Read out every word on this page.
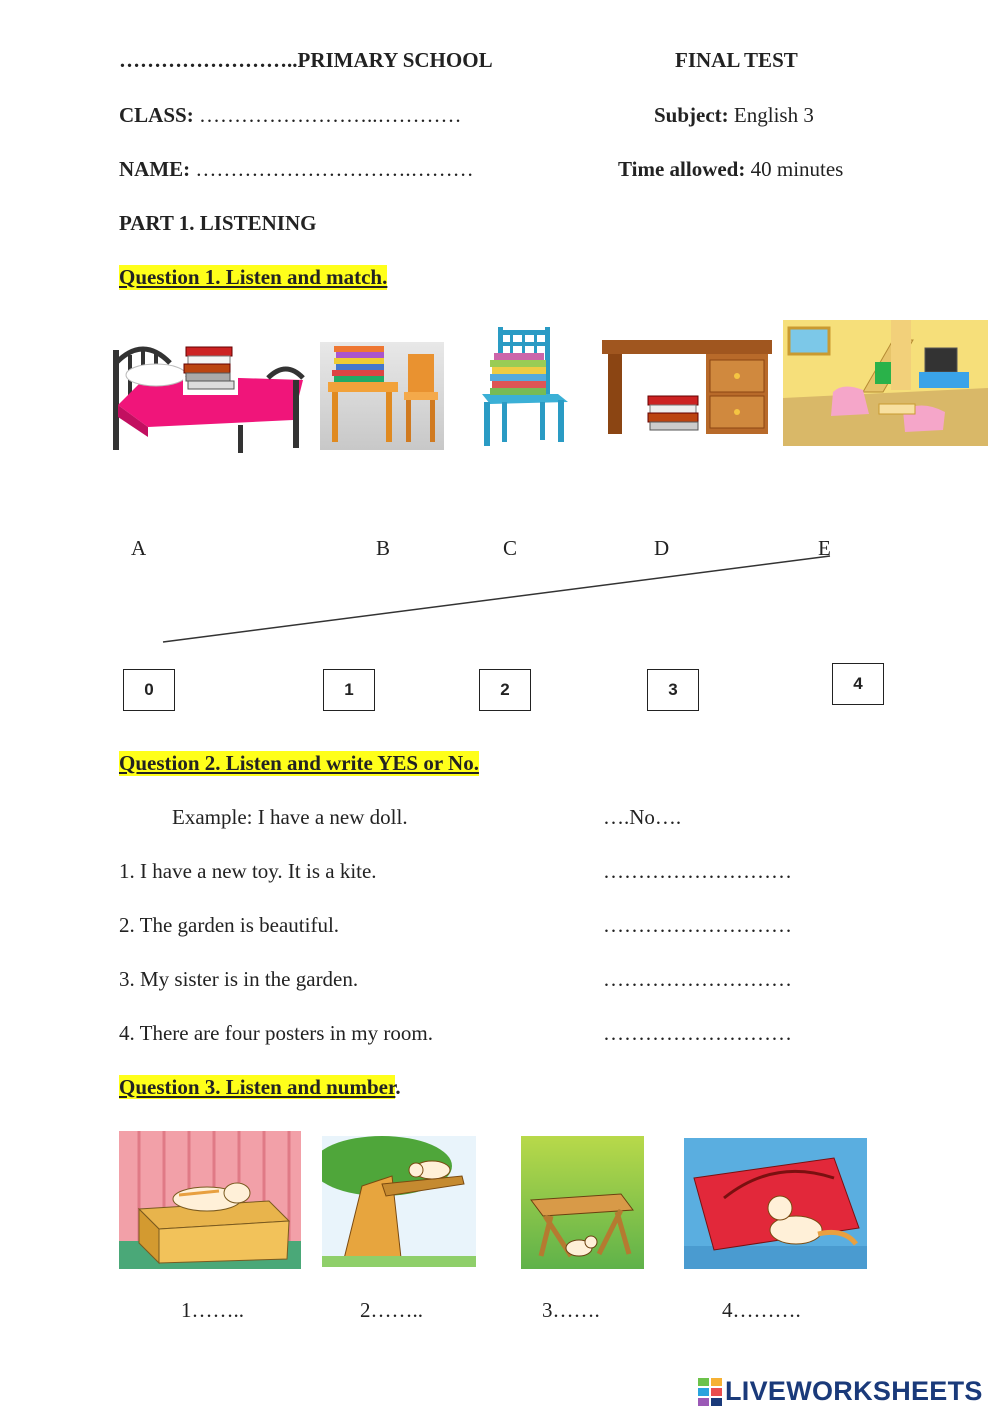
……………………..PRIMARY SCHOOL	FINAL TEST
CLASS: ……………………..…………	Subject: English 3
NAME: ………………………….………	Time allowed: 40 minutes
PART 1. LISTENING
Question 1. Listen and match.
A	B	C	D	E
0	1	2	3	4
Question 2. Listen and write YES or No.
Example: I have a new doll.	….No….
1. I have a new toy. It is a kite.	………………………
2. The garden is beautiful.	………………………
3. My sister is in the garden.	………………………
4. There are four posters in my room.	………………………
Question 3. Listen and number.
1……..	2……..	3…….	4……….
LIVEWORKSHEETS
